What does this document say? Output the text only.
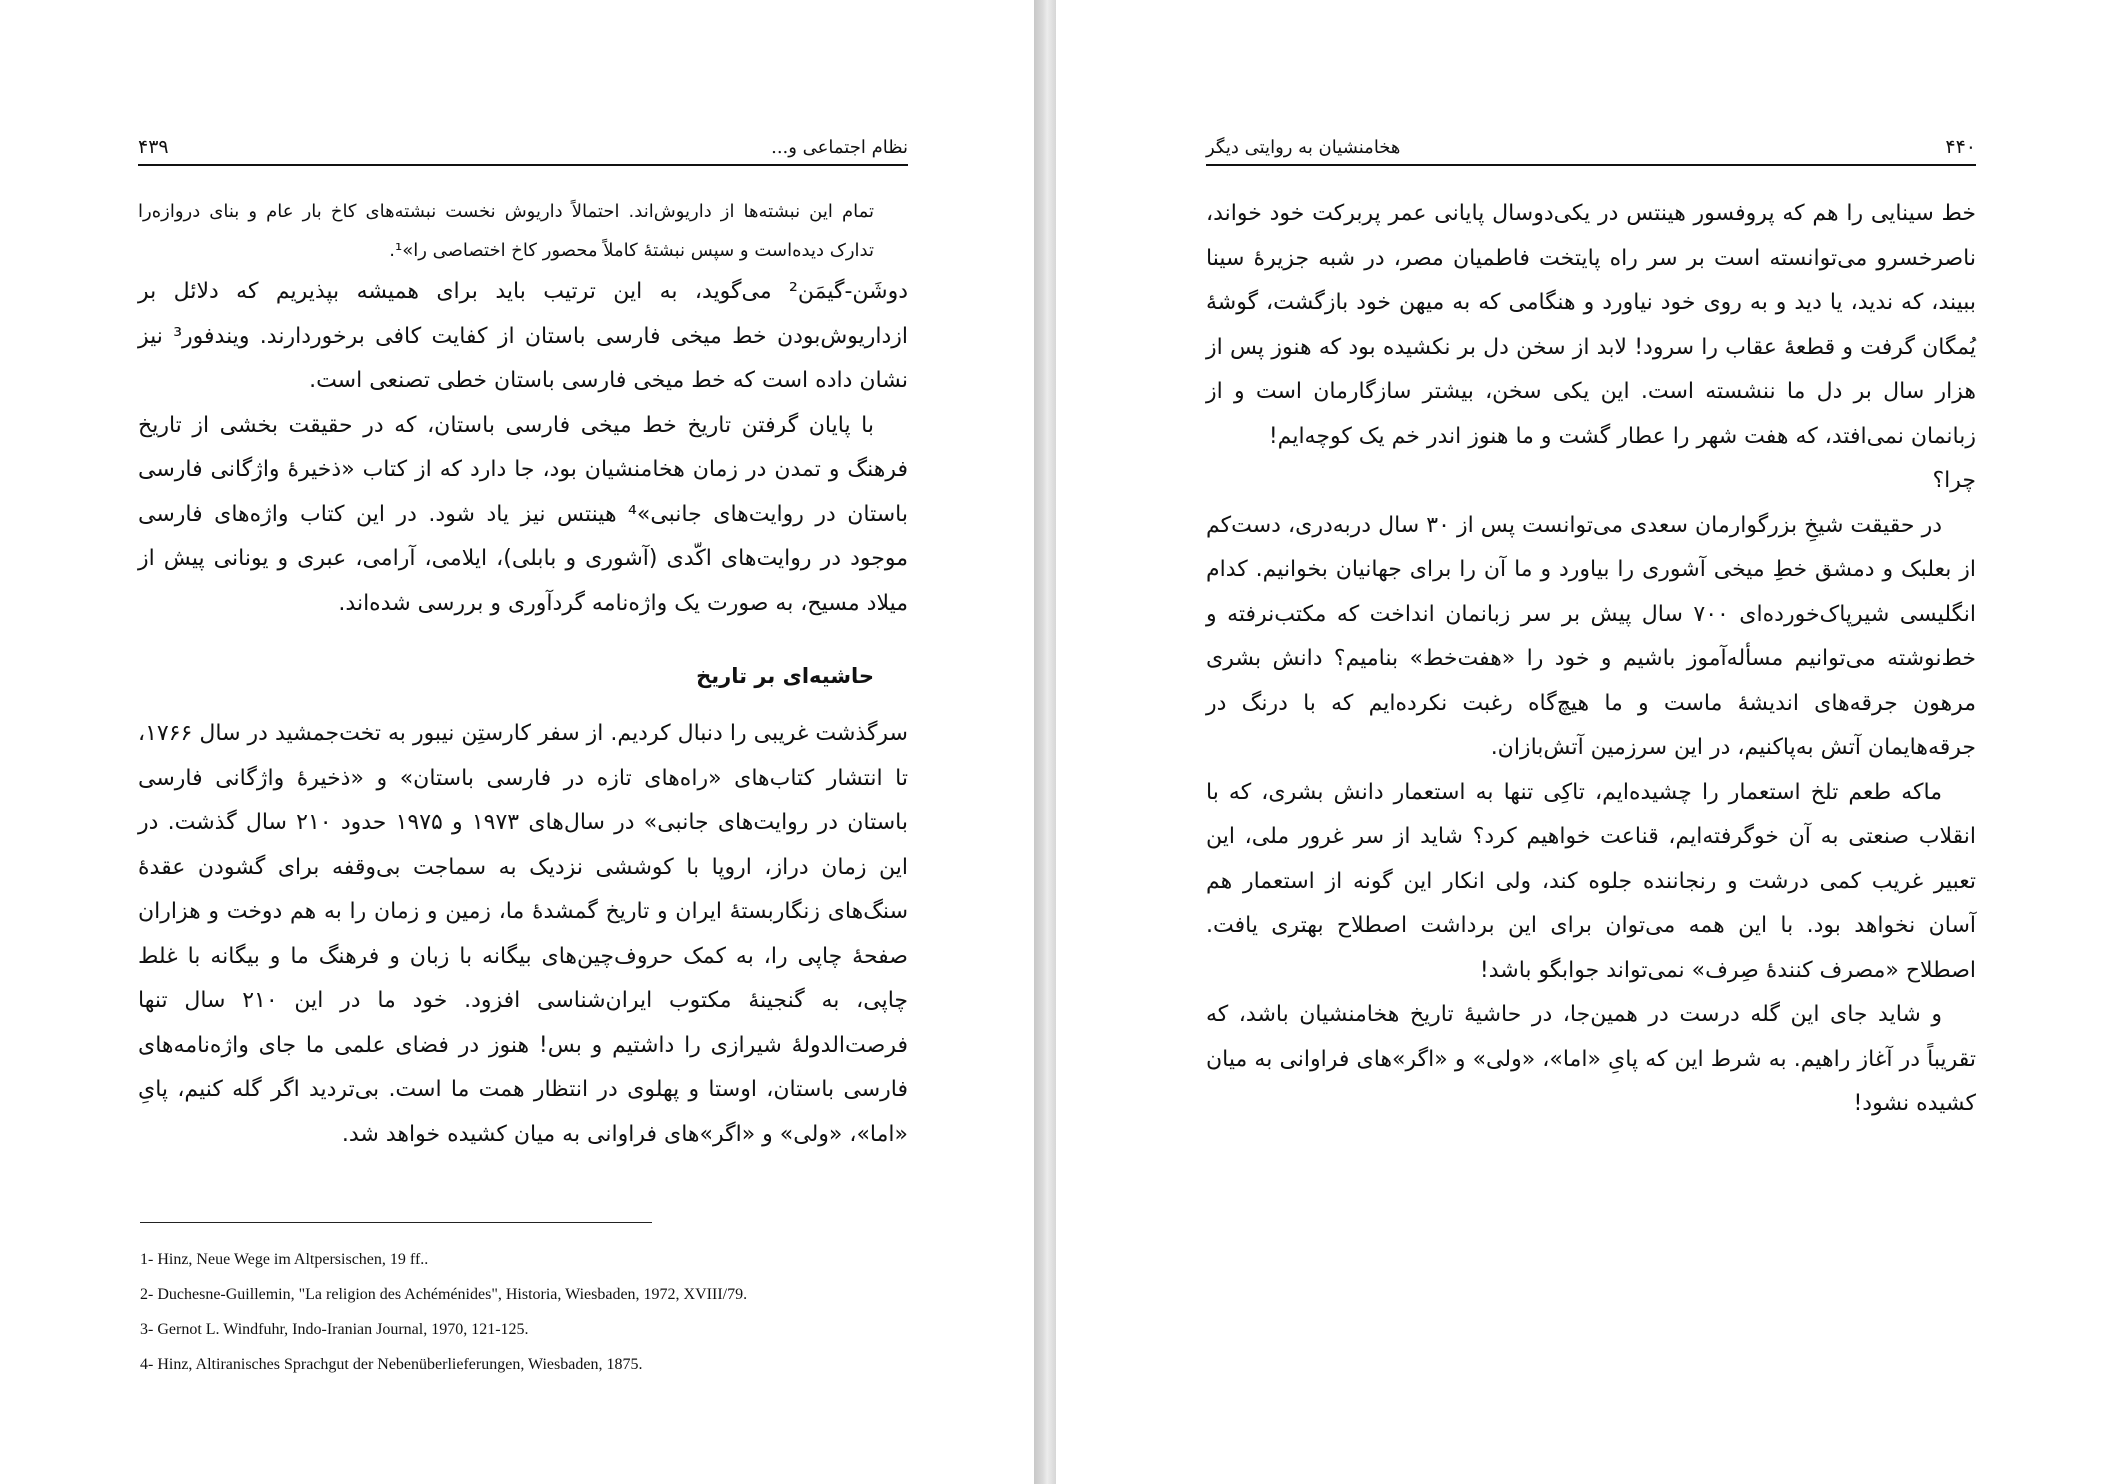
۴۳۹	نظام اجتماعی و...

تمام این نبشته‌ها از داریوش‌اند. احتمالاً داریوش نخست نبشته‌های کاخ بار عام و بنای دروازه‌را تدارک دیده‌است و سپس نبشتهٔ کاملاً محصور کاخ اختصاصی را»¹.

دوشَن-گیمَن² می‌گوید، به این ترتیب باید برای همیشه بپذیریم که دلائل بر ازداریوش‌بودن خط میخی فارسی باستان از کفایت کافی برخوردارند. ویندفور³ نیز نشان داده است که خط میخی فارسی باستان خطی تصنعی است.

با پایان گرفتن تاریخ خط میخی فارسی باستان، که در حقیقت بخشی از تاریخ فرهنگ و تمدن در زمان هخامنشیان بود، جا دارد که از کتاب «ذخیرهٔ واژگانی فارسی باستان در روایت‌های جانبی»⁴ هینتس نیز یاد شود. در این کتاب واژه‌های فارسی موجود در روایت‌های اکّدی (آشوری و بابلی)، ایلامی، آرامی، عبری و یونانی پیش از میلاد مسیح، به صورت یک واژه‌نامه گردآوری و بررسی شده‌اند.

حاشیه‌ای بر تاریخ

سرگذشت غریبی را دنبال کردیم. از سفر کارستِن نیبور به تخت‌جمشید در سال ۱۷۶۶، تا انتشار کتاب‌های «راه‌های تازه در فارسی باستان» و «ذخیرهٔ واژگانی فارسی باستان در روایت‌های جانبی» در سال‌های ۱۹۷۳ و ۱۹۷۵ حدود ۲۱۰ سال گذشت. در این زمان دراز، اروپا با کوششی نزدیک به سماجت بی‌وقفه برای گشودن عقدهٔ سنگ‌های زنگاربستهٔ ایران و تاریخ گمشدهٔ ما، زمین و زمان را به هم دوخت و هزاران صفحهٔ چاپی را، به کمک حروف‌چین‌های بیگانه با زبان و فرهنگ ما و بیگانه با غلط چاپی، به گنجینهٔ مکتوب ایران‌شناسی افزود. خود ما در این ۲۱۰ سال تنها فرصت‌الدولهٔ شیرازی را داشتیم و بس! هنوز در فضای علمی ما جای واژه‌نامه‌های فارسی باستان، اوستا و پهلوی در انتظار همت ما است. بی‌تردید اگر گله کنیم، پایِ «اما»، «ولی» و «اگر»های فراوانی به میان کشیده خواهد شد.

1- Hinz, Neue Wege im Altpersischen, 19 ff..

2- Duchesne-Guillemin, "La religion des Achéménides", Historia, Wiesbaden, 1972, XVIII/79.

3- Gernot L. Windfuhr, Indo-Iranian Journal, 1970, 121-125.

4- Hinz, Altiranisches Sprachgut der Nebenüberlieferungen, Wiesbaden, 1875.

هخامنشیان به روایتی دیگر	۴۴۰

خط سینایی را هم که پروفسور هینتس در یکی‌دوسال پایانی عمر پربرکت خود خواند، ناصرخسرو می‌توانسته است بر سر راه پایتخت فاطمیان مصر، در شبه جزیرهٔ سینا ببیند، که ندید، یا دید و به روی خود نیاورد و هنگامی که به میهن خود بازگشت، گوشهٔ یُمگان گرفت و قطعهٔ عقاب را سرود! لابد از سخن دل بر نکشیده بود که هنوز پس از هزار سال بر دل ما ننشسته است. این یکی سخن، بیشتر سازگارمان است و از زبانمان نمی‌افتد، که هفت شهر را عطار گشت و ما هنوز اندر خم یک کوچه‌ایم!

چرا؟

در حقیقت شیخِ بزرگوارمان سعدی می‌توانست پس از ۳۰ سال دربه‌دری، دست‌کم از بعلبک و دمشق خطِ میخی آشوری را بیاورد و ما آن را برای جهانیان بخوانیم. کدام انگلیسی شیرپاک‌خورده‌ای ۷۰۰ سال پیش بر سر زبانمان انداخت که مکتب‌نرفته و خط‌نوشته می‌توانیم مسأله‌آموز باشیم و خود را «هفت‌خط» بنامیم؟ دانش بشری مرهون جرقه‌های اندیشهٔ ماست و ما هیچ‌گاه رغبت نکرده‌ایم که با درنگ در جرقه‌هایمان آتش به‌پاکنیم، در این سرزمین آتش‌بازان.

ماکه طعم تلخ استعمار را چشیده‌ایم، تاکِی تنها به استعمار دانش بشری، که با انقلاب صنعتی به آن خوگرفته‌ایم، قناعت خواهیم کرد؟ شاید از سر غرور ملی، این تعبیر غریب کمی درشت و رنجاننده جلوه کند، ولی انکار این گونه از استعمار هم آسان نخواهد بود. با این همه می‌توان برای این برداشت اصطلاح بهتری یافت. اصطلاح «مصرف کنندهٔ صِرف» نمی‌تواند جوابگو باشد!

و شاید جای این گله درست در همین‌جا، در حاشیهٔ تاریخ هخامنشیان باشد، که تقریباً در آغاز راهیم. به شرط این که پایِ «اما»، «ولی» و «اگر»های فراوانی به میان کشیده نشود!
